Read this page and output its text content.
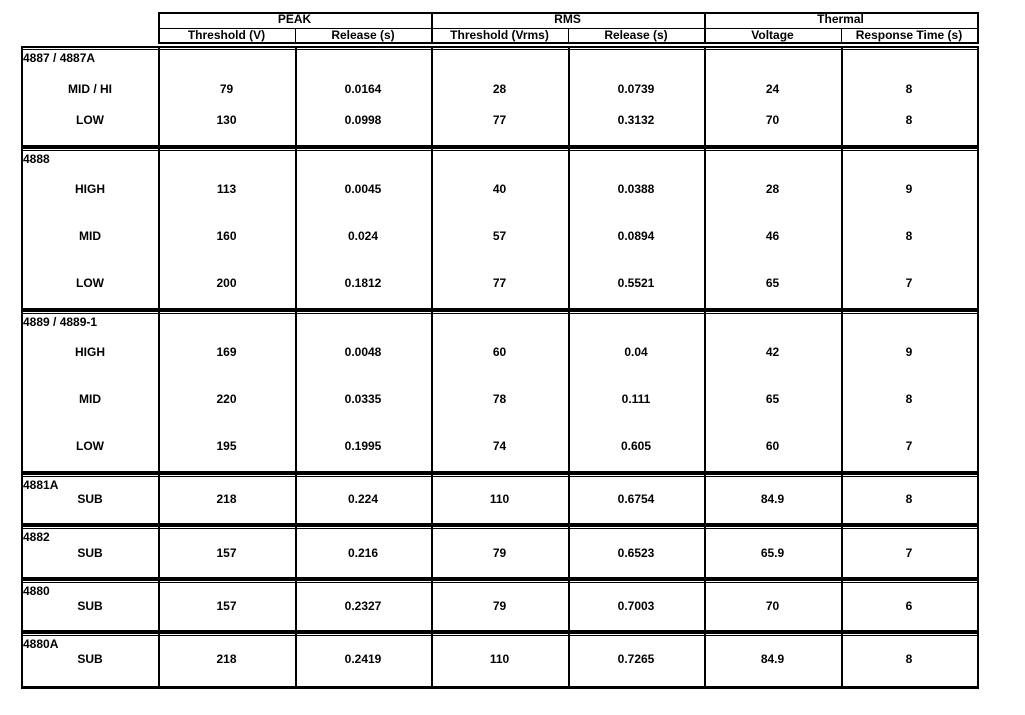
PEAK	RMS	Thermal
Threshold (V)	Release (s)	Threshold (Vrms)	Release (s)	Voltage	Response Time (s)
4887 / 4887A
MID / HI	79	0.0164	28	0.0739	24	8
LOW	130	0.0998	77	0.3132	70	8
4888
HIGH	113	0.0045	40	0.0388	28	9
MID	160	0.024	57	0.0894	46	8
LOW	200	0.1812	77	0.5521	65	7
4889 / 4889-1
HIGH	169	0.0048	60	0.04	42	9
MID	220	0.0335	78	0.111	65	8
LOW	195	0.1995	74	0.605	60	7
4881A
SUB	218	0.224	110	0.6754	84.9	8
4882
SUB	157	0.216	79	0.6523	65.9	7
4880
SUB	157	0.2327	79	0.7003	70	6
4880A
SUB	218	0.2419	110	0.7265	84.9	8
